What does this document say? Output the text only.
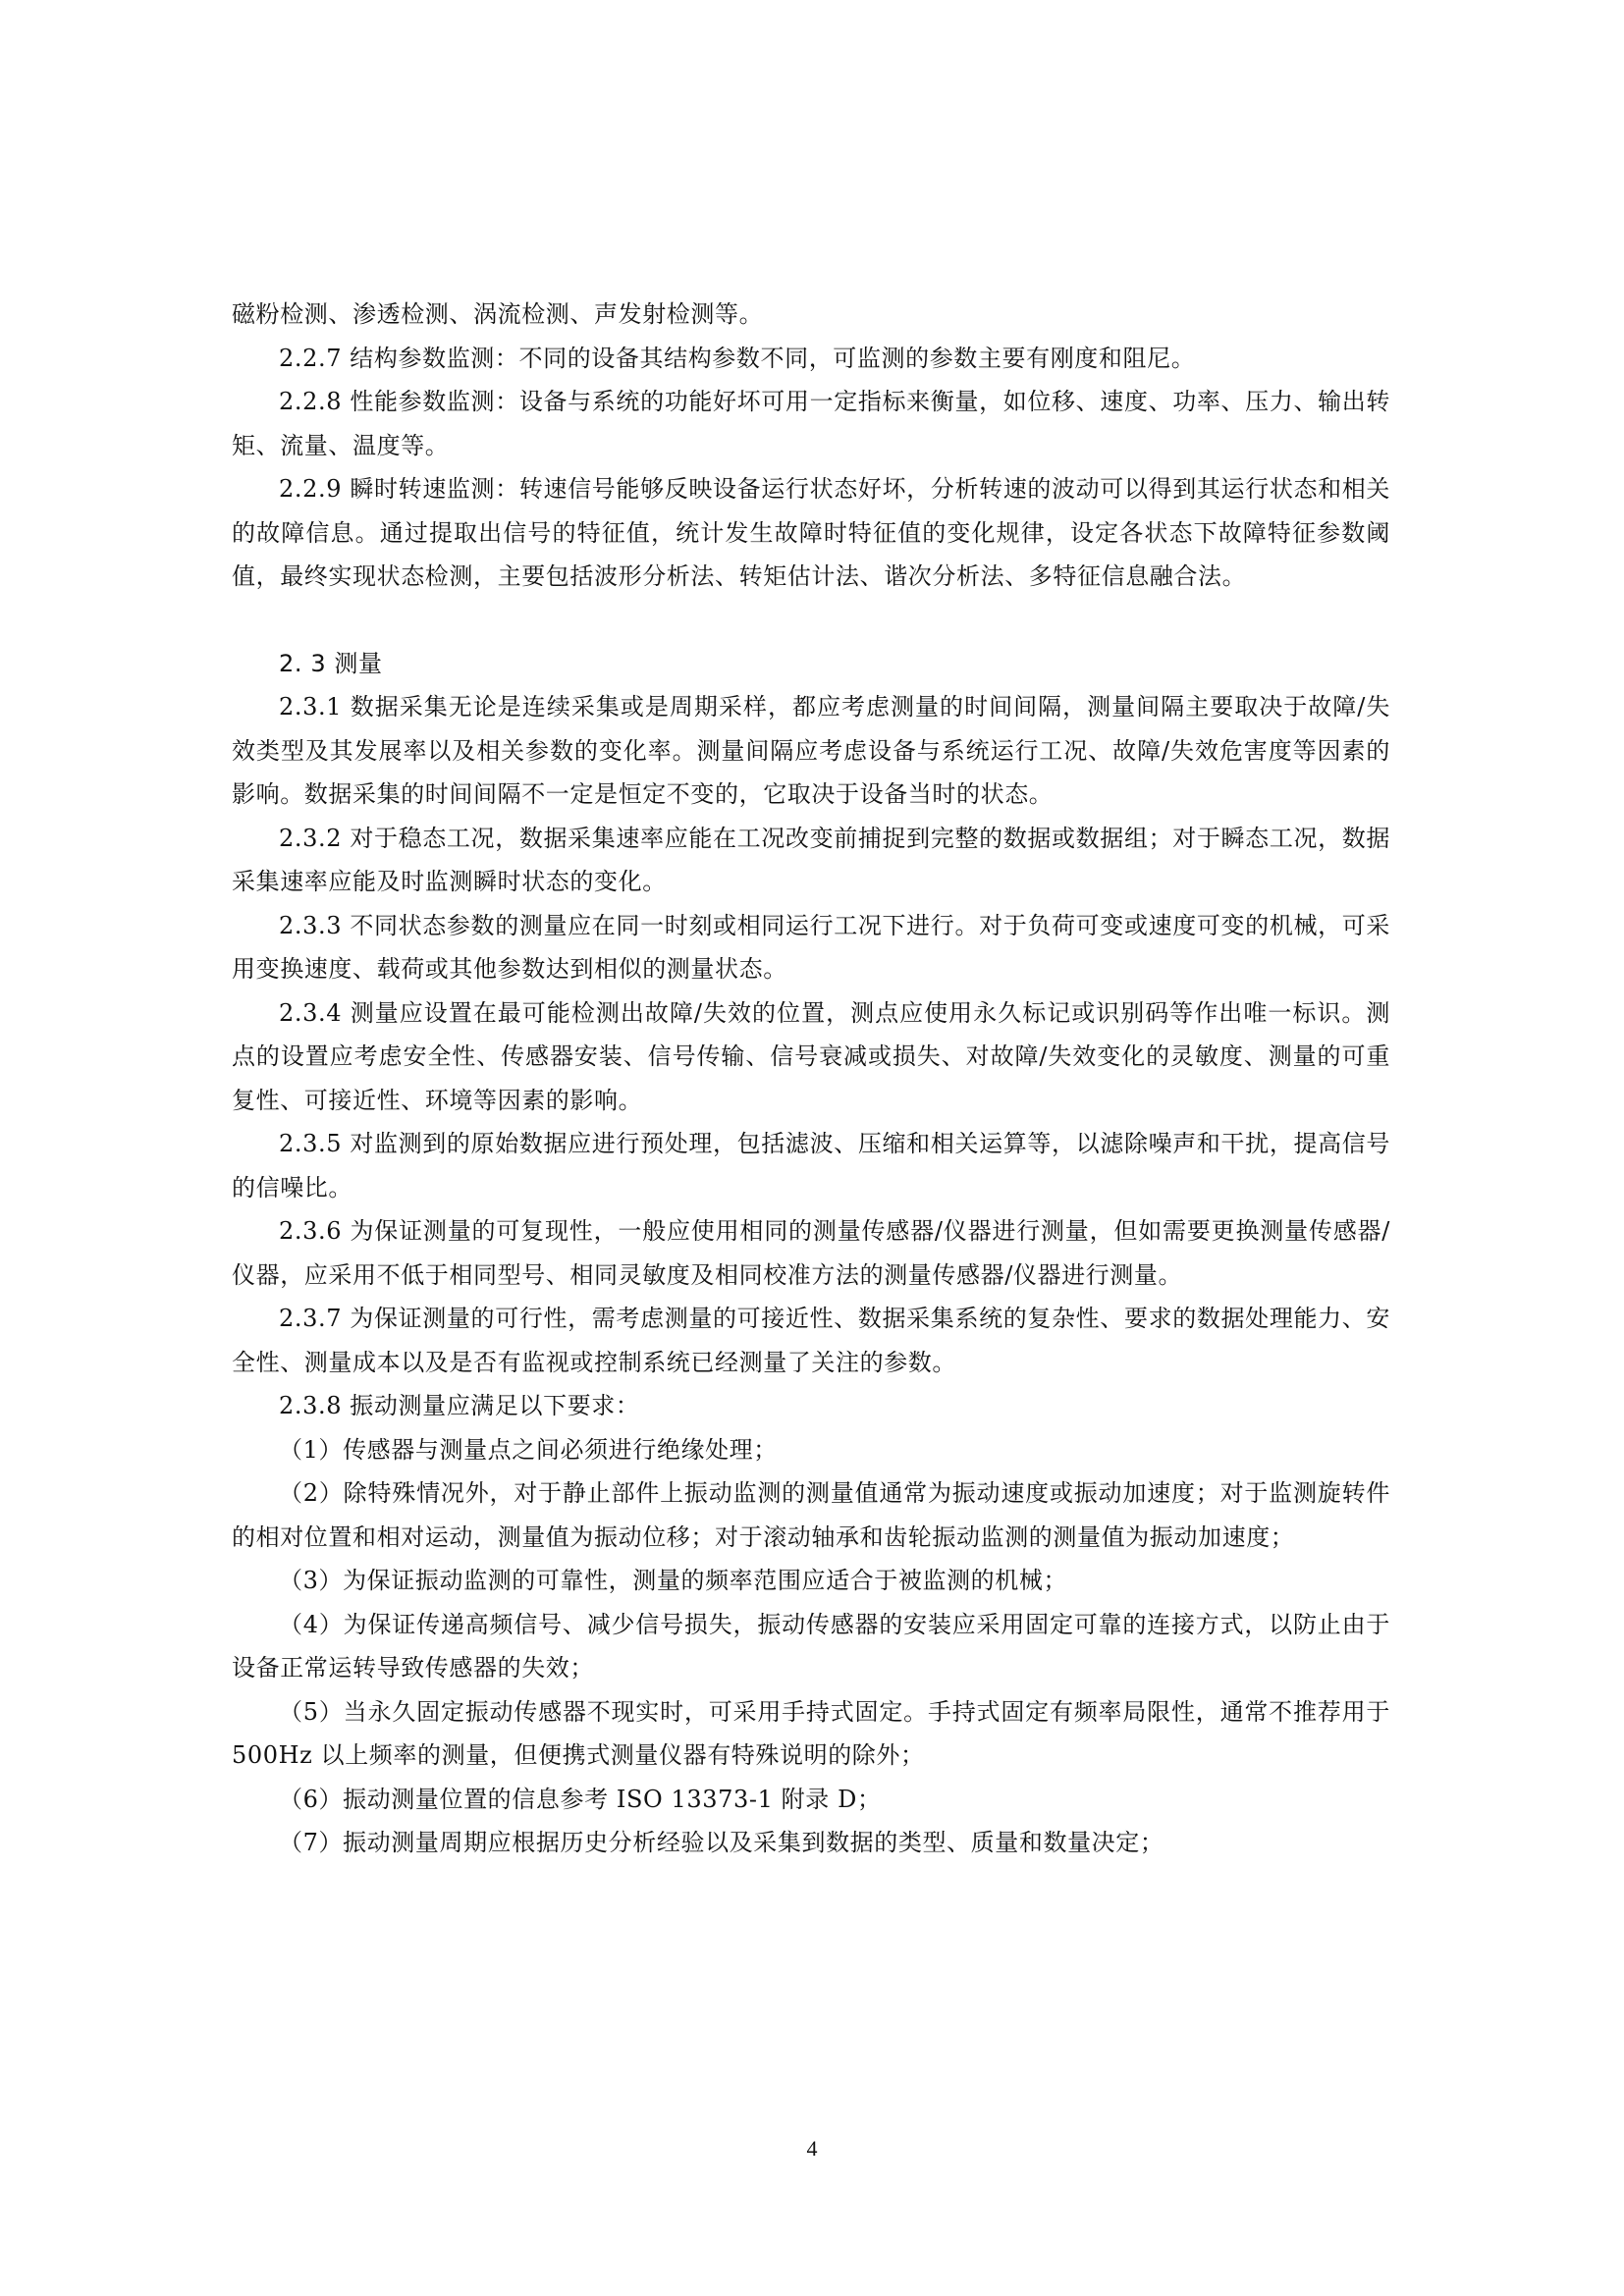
磁粉检测、渗透检测、涡流检测、声发射检测等。

2.2.7 结构参数监测：不同的设备其结构参数不同，可监测的参数主要有刚度和阻尼。

2.2.8 性能参数监测：设备与系统的功能好坏可用一定指标来衡量，如位移、速度、功率、压力、输出转矩、流量、温度等。

2.2.9 瞬时转速监测：转速信号能够反映设备运行状态好坏，分析转速的波动可以得到其运行状态和相关的故障信息。通过提取出信号的特征值，统计发生故障时特征值的变化规律，设定各状态下故障特征参数阈值，最终实现状态检测，主要包括波形分析法、转矩估计法、谐次分析法、多特征信息融合法。

2. 3 测量

2.3.1 数据采集无论是连续采集或是周期采样，都应考虑测量的时间间隔，测量间隔主要取决于故障/失效类型及其发展率以及相关参数的变化率。测量间隔应考虑设备与系统运行工况、故障/失效危害度等因素的影响。数据采集的时间间隔不一定是恒定不变的，它取决于设备当时的状态。

2.3.2 对于稳态工况，数据采集速率应能在工况改变前捕捉到完整的数据或数据组；对于瞬态工况，数据采集速率应能及时监测瞬时状态的变化。

2.3.3 不同状态参数的测量应在同一时刻或相同运行工况下进行。对于负荷可变或速度可变的机械，可采用变换速度、载荷或其他参数达到相似的测量状态。

2.3.4 测量应设置在最可能检测出故障/失效的位置，测点应使用永久标记或识别码等作出唯一标识。测点的设置应考虑安全性、传感器安装、信号传输、信号衰减或损失、对故障/失效变化的灵敏度、测量的可重复性、可接近性、环境等因素的影响。

2.3.5 对监测到的原始数据应进行预处理，包括滤波、压缩和相关运算等，以滤除噪声和干扰，提高信号的信噪比。

2.3.6 为保证测量的可复现性，一般应使用相同的测量传感器/仪器进行测量，但如需要更换测量传感器/仪器，应采用不低于相同型号、相同灵敏度及相同校准方法的测量传感器/仪器进行测量。

2.3.7 为保证测量的可行性，需考虑测量的可接近性、数据采集系统的复杂性、要求的数据处理能力、安全性、测量成本以及是否有监视或控制系统已经测量了关注的参数。

2.3.8 振动测量应满足以下要求：

（1）传感器与测量点之间必须进行绝缘处理；

（2）除特殊情况外，对于静止部件上振动监测的测量值通常为振动速度或振动加速度；对于监测旋转件的相对位置和相对运动，测量值为振动位移；对于滚动轴承和齿轮振动监测的测量值为振动加速度；

（3）为保证振动监测的可靠性，测量的频率范围应适合于被监测的机械；

（4）为保证传递高频信号、减少信号损失，振动传感器的安装应采用固定可靠的连接方式，以防止由于设备正常运转导致传感器的失效；

（5）当永久固定振动传感器不现实时，可采用手持式固定。手持式固定有频率局限性，通常不推荐用于 500Hz 以上频率的测量，但便携式测量仪器有特殊说明的除外；

（6）振动测量位置的信息参考 ISO 13373-1 附录 D；

（7）振动测量周期应根据历史分析经验以及采集到数据的类型、质量和数量决定；

4
